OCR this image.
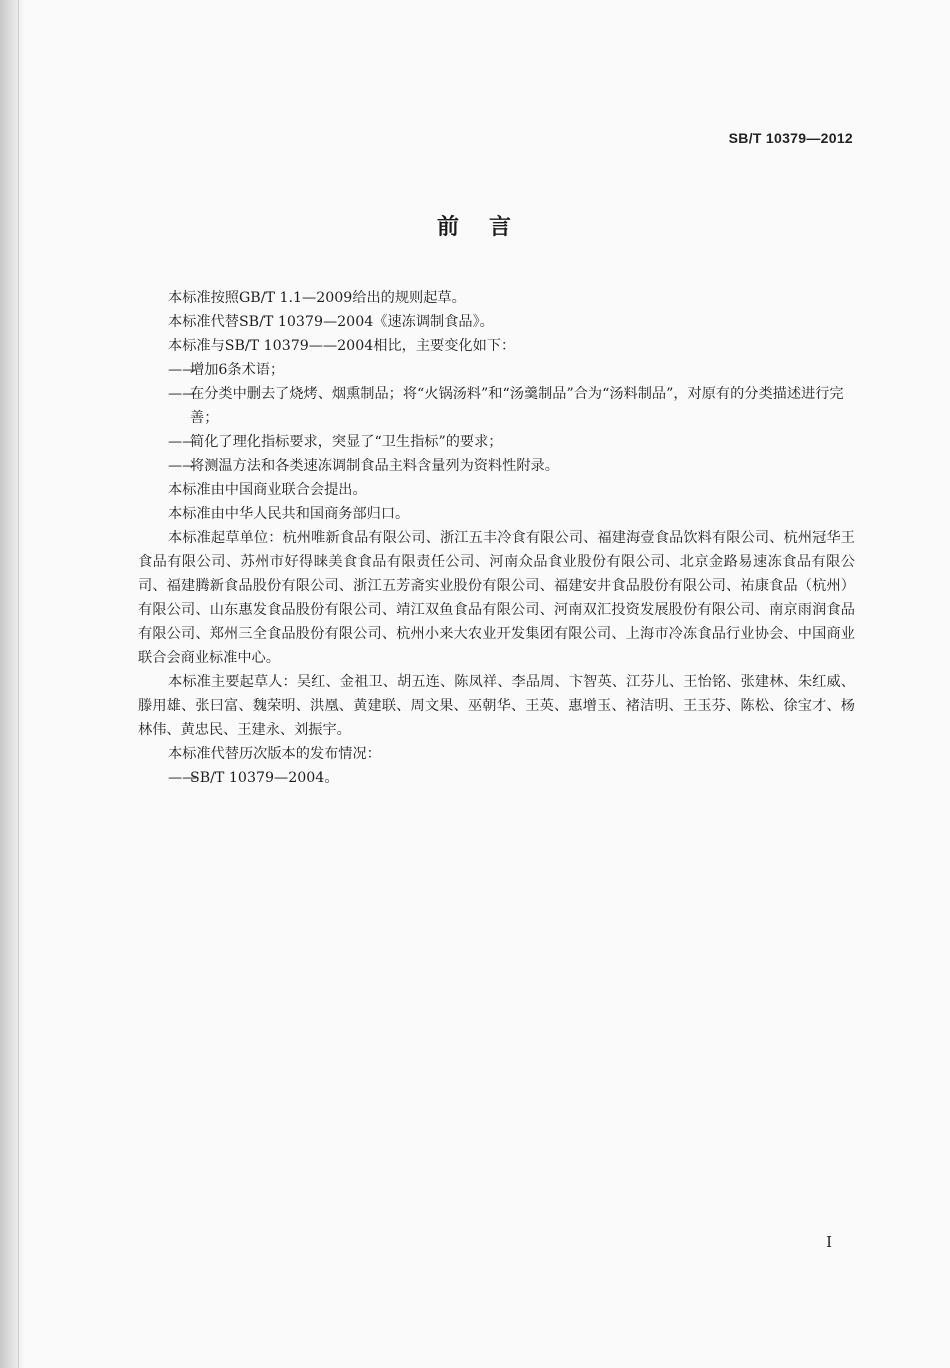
SB/T 10379—2012
前言

本标准按照GB/T 1.1—2009给出的规则起草。

本标准代替SB/T 10379—2004《速冻调制食品》。

本标准与SB/T 10379——2004相比，主要变化如下：

——
增加6条术语；

——
在分类中删去了烧烤、烟熏制品；将“火锅汤料”和“汤羹制品”合为“汤料制品”，对原有的分类描述进行完善；

——
简化了理化指标要求，突显了“卫生指标”的要求；

——
将测温方法和各类速冻调制食品主料含量列为资料性附录。

本标准由中国商业联合会提出。

本标准由中华人民共和国商务部归口。

本标准起草单位：杭州唯新食品有限公司、浙江五丰冷食有限公司、福建海壹食品饮料有限公司、杭州冠华王食品有限公司、苏州市好得睐美食食品有限责任公司、河南众品食业股份有限公司、北京金路易速冻食品有限公司、福建腾新食品股份有限公司、浙江五芳斋实业股份有限公司、福建安井食品股份有限公司、祐康食品（杭州）有限公司、山东惠发食品股份有限公司、靖江双鱼食品有限公司、河南双汇投资发展股份有限公司、南京雨润食品有限公司、郑州三全食品股份有限公司、杭州小来大农业开发集团有限公司、上海市冷冻食品行业协会、中国商业联合会商业标准中心。

本标准主要起草人：吴红、金祖卫、胡五连、陈凤祥、李品周、卞智英、江芬儿、王怡铭、张建林、朱红威、滕用雄、张曰富、魏荣明、洪凰、黄建联、周文果、巫朝华、王英、惠增玉、褚洁明、王玉芬、陈松、徐宝才、杨林伟、黄忠民、王建永、刘振宇。

本标准代替历次版本的发布情况：

——
SB/T 10379—2004。

I
